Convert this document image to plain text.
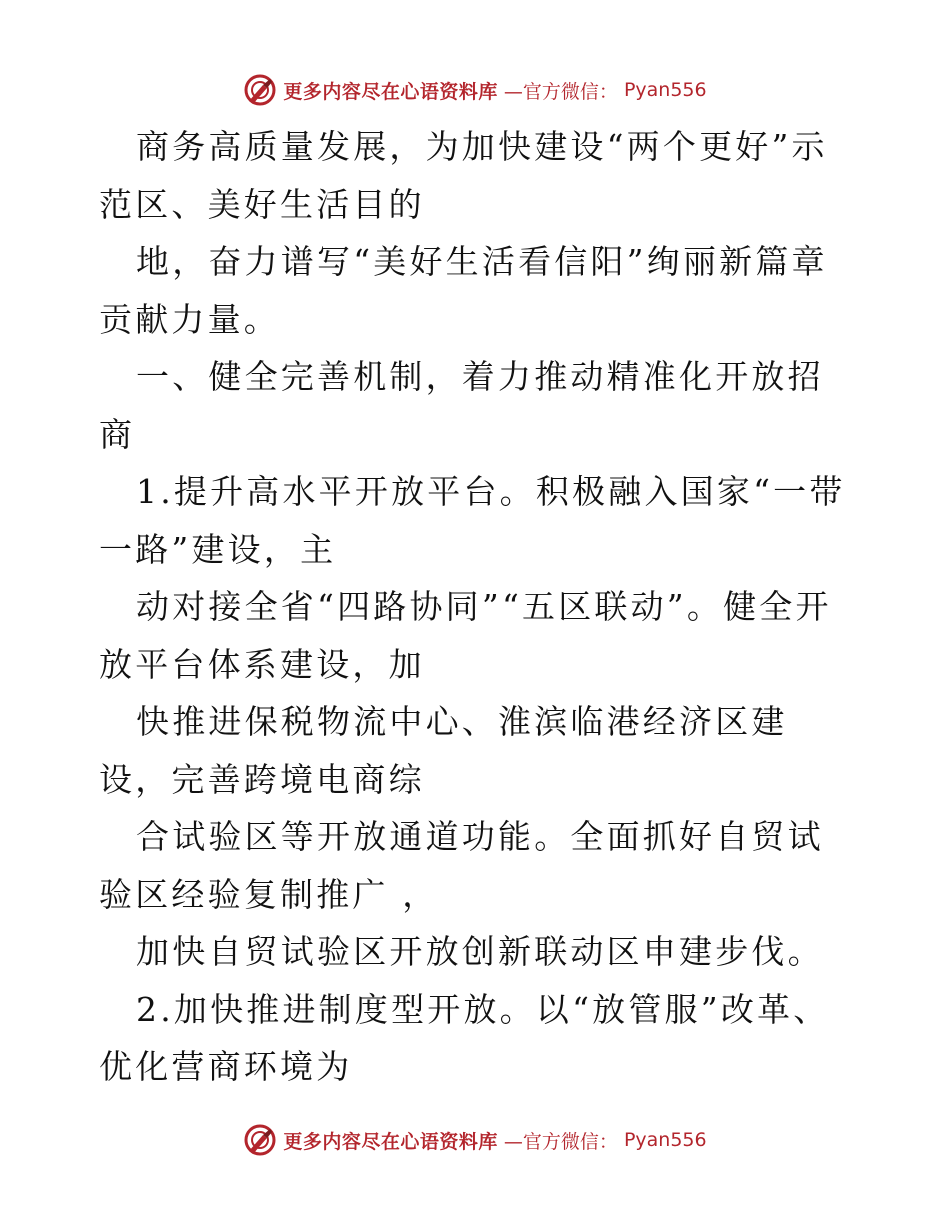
更多内容尽在心语资料库 —官方微信： Pyan556

商务高质量发展，为加快建设“两个更好”示范区、美好生活目的

地，奋力谱写“美好生活看信阳”绚丽新篇章贡献力量。

一、健全完善机制，着力推动精准化开放招商

1.提升高水平开放平台。积极融入国家“一带一路”建设，主

动对接全省“四路协同”“五区联动”。健全开放平台体系建设，加

快推进保税物流中心、淮滨临港经济区建设，完善跨境电商综

合试验区等开放通道功能。全面抓好自贸试验区经验复制推广 ，

加快自贸试验区开放创新联动区申建步伐。

2.加快推进制度型开放。以“放管服”改革、优化营商环境为

更多内容尽在心语资料库 —官方微信： Pyan556
